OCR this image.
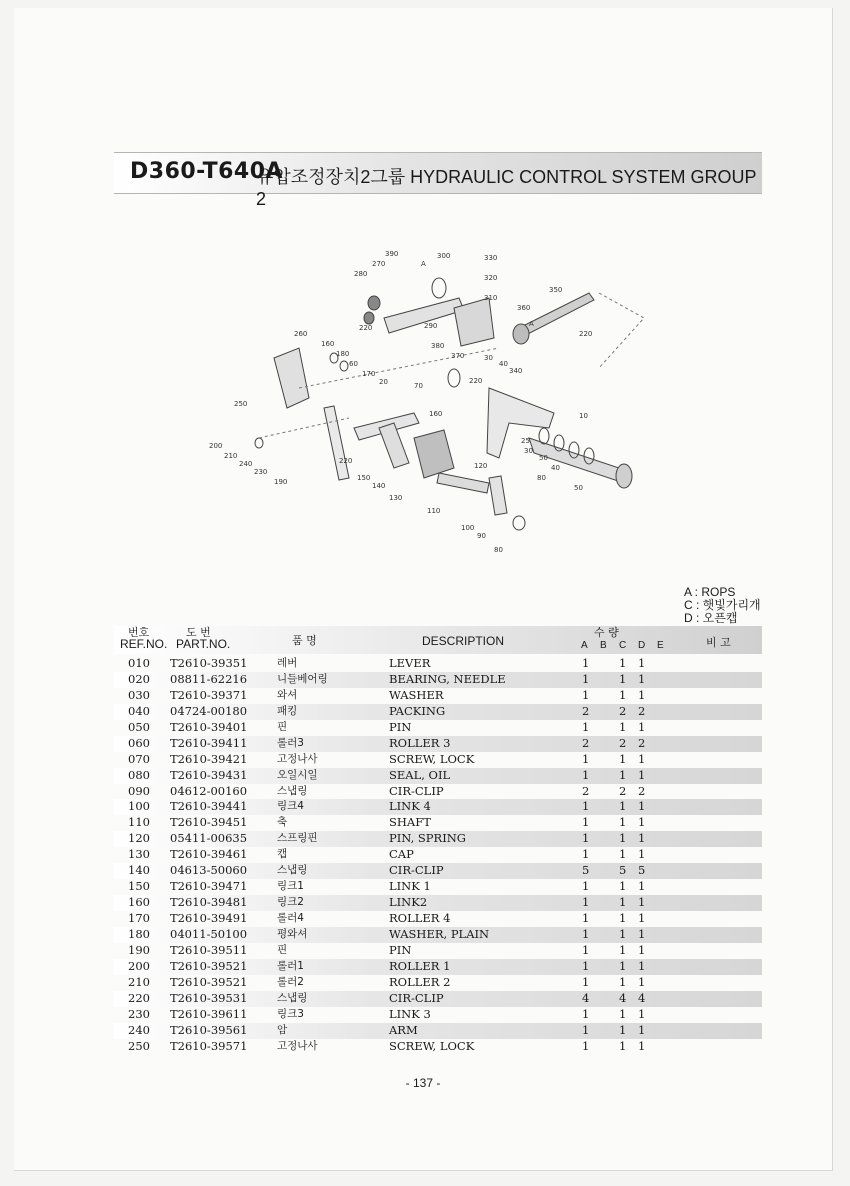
D360-T640A
유압조정장치2그룹 HYDRAULIC CONTROL SYSTEM GROUP 2
390
270	A
300	330
280	320
310
350
360
220	290	A
260	220
160
180
380
370
60
170
30
40
340
20	70
220
250
160	10
200
210
240
230
220
190	150
140
130
120
25
50
40
80
30
50
110
100
90
80
A : ROPS
C : 햇빛가리개
D : 오픈캡
번호
REF.NO.
도 번
PART.NO.	품 명	DESCRIPTION
수 량
A B C D E	비 고
010 T2610-39351	레버	LEVER	1	1 1
020 08811-62216	니들베어링	BEARING, NEEDLE	1	1 1
030 T2610-39371	와셔	WASHER	1	1 1
040 04724-00180	패킹	PACKING	2	2 2
050 T2610-39401	핀	PIN	1	1 1
060 T2610-39411	롤러3	ROLLER 3	2	2 2
070 T2610-39421	고정나사	SCREW, LOCK	1	1 1
080 T2610-39431	오일시일	SEAL, OIL	1	1 1
090 04612-00160	스냅링	CIR-CLIP	2	2 2
100 T2610-39441	링크4	LINK 4	1	1 1
110 T2610-39451	축	SHAFT	1	1 1
120 05411-00635	스프링핀	PIN, SPRING	1	1 1
130 T2610-39461	캡	CAP	1	1 1
140 04613-50060	스냅링	CIR-CLIP	5	5 5
150 T2610-39471	링크1	LINK 1	1	1 1
160 T2610-39481	링크2	LINK2	1	1 1
170 T2610-39491	롤러4	ROLLER 4	1	1 1
180 04011-50100	평와셔	WASHER, PLAIN	1	1 1
190 T2610-39511	핀	PIN	1	1 1
200 T2610-39521	롤러1	ROLLER 1	1	1 1
210 T2610-39521	롤러2	ROLLER 2	1	1 1
220 T2610-39531	스냅링	CIR-CLIP	4	4 4
230 T2610-39611	링크3	LINK 3	1	1 1
240 T2610-39561	암	ARM	1	1 1
250 T2610-39571	고정나사	SCREW, LOCK	1	1 1
- 137 -
